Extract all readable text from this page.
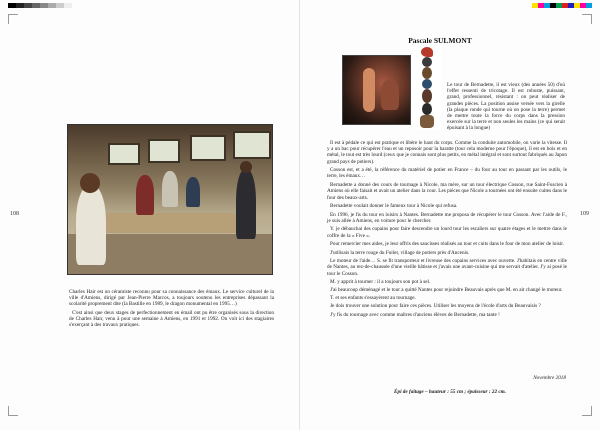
108

Charles Hair est un céramiste reconnu pour sa connaissance des émaux. Le service culturel de la ville d'Amiens, dirigé par Jean-Pierre Marcos, a toujours soutenu les entreprises dépassant la scolarité proprement dite (la Bastille en 1989, le dragon monumental en 1995…)

C'est ainsi que deux stages de perfectionnement en émail ont pu être organisés sous la direction de Charles Hair, venu à pour une semaine à Amiens, en 1991 et 1992. On voit ici des stagiaires s'exerçant à des travaux pratiques.

109
Pascale SULMONT

Le tour de Bernadette, il est vieux (des années 50) d'où l'effet ressenti de tricotage. Il est robuste, puissant, grand, professionnel, résistant : on peut réaliser de grandes pièces. La position assise versée vers la girelle (la plaque ronde qui tourne où on pose la terre) permet de mettre toute la force du corps dans la pression exercée sur la terre et non seules les mains (ce qui serait épuisant à la longue)

Il est à pédale ce qui est pratique et libère le haut du corps. Comme la conduite automobile, on varie la vitesse. Il y a un bac pour récupérer l'eau et un reposoir pour la baratte (tour cela moderne pour l'époque), il est en bois et en métal, le tout est très lourd (ceux que je connais sont plus petits, en métal intégral et sont surtout fabriqués au Japon grand pays de potiers).

Cosson est, et a été, la référence du matériel de potier en France – du four au tour en passant par les outils, le terre, les émaux…

Bernadette a donné des cours de tournage à Nicole, ma mère, sur un tour électrique Cosson, rue Saint-Fuscien à Amiens où elle faisait et avait un atelier dans la cour. Les pièces que Nicole a tournées ont été ensuite cuites dans le four des beaux-arts.

Bernadette voulait donner le fameux tour à Nicole qui refusa.

En 1996, je fis du tour en loisirs à Nantes. Bernadette me proposa de récupérer le tour Cosson. Avec l'aide de F., je suis allée à Amiens, en voiture pour le chercher.

Y. je débauchai des copains pour faire descendre un lourd tour les escaliers sur quatre étages et le mettre dans le coffre de la « Five ».

Pour remercier mes aides, je leur offris des saucisses réalisés au tour et cuits dans le four de mon atelier de loisir.

J'utilisais la terre rouge du Fuilet, village de potiers près d'Ancenis.

Le moteur de l'aide… S. se fit transporteur et livreuse des copains services avec ouverte. J'habitais en centre ville de Nantes, au rez-de-chaussée d'une vieille bâtisse et j'avais une avant-cuisine qui me servait d'atelier. J'y ai posé le tour le Cosson.

M. y apprit à tourner : il a toujours son pot à sel.

J'ai beaucoup déménagé et le tour a quitté Nantes pour rejoindre Beauvais après que M. en ait changé le moteur.

T. et ses enfants s'essayèrent au tournage.

Je dois trouver une solution pour faire ces pièces. Utiliser les moyens de l'école d'arts du Beauvaisis ?

J'y fis du tournage avec comme maîtres d'anciens élèves de Bernadette, ma tante !

Novembre 2018
Épi de faîtage – hauteur : 55 cm ; épaisseur : 22 cm.
